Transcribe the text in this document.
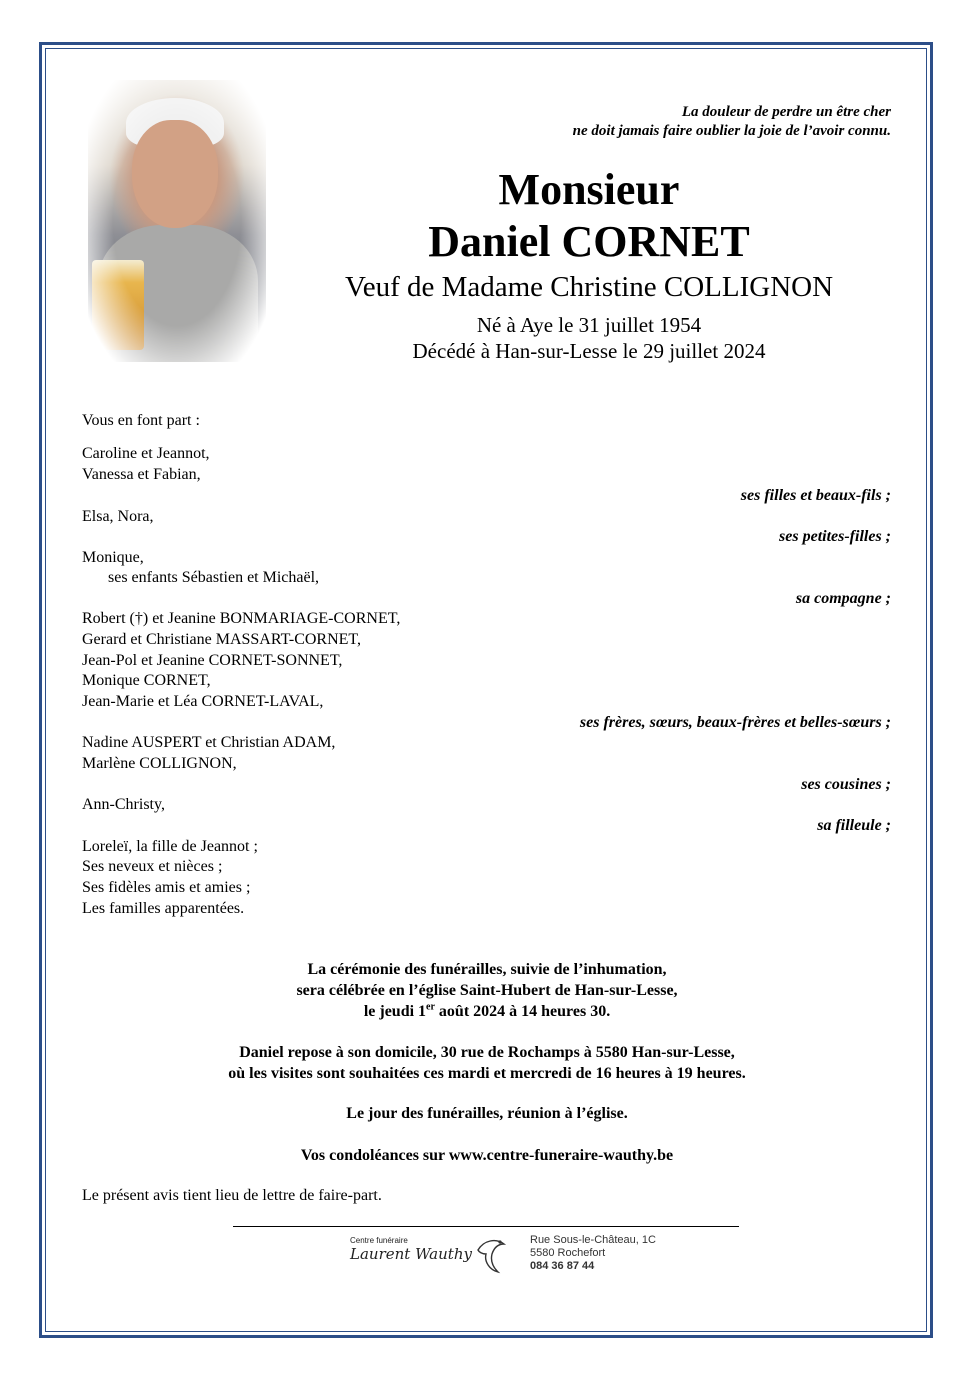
La douleur de perdre un être cher
ne doit jamais faire oublier la joie de l’avoir connu.
Monsieur
Daniel CORNET
Veuf de Madame Christine COLLIGNON
Né à Aye le 31 juillet 1954
Décédé à Han-sur-Lesse le 29 juillet 2024
Vous en font part :
Caroline et Jeannot,
Vanessa et Fabian,
ses filles et beaux-fils ;
Elsa, Nora,
ses petites-filles ;
Monique,
ses enfants Sébastien et Michaël,
sa compagne ;
Robert (†) et Jeanine BONMARIAGE-CORNET,
Gerard et Christiane MASSART-CORNET,
Jean-Pol et Jeanine CORNET-SONNET,
Monique CORNET,
Jean-Marie et Léa CORNET-LAVAL,
ses frères, sœurs, beaux-frères et belles-sœurs ;
Nadine AUSPERT et Christian ADAM,
Marlène COLLIGNON,
ses cousines ;
Ann-Christy,
sa filleule ;
Loreleï, la fille de Jeannot ;
Ses neveux et nièces ;
Ses fidèles amis et amies ;
Les familles apparentées.
La cérémonie des funérailles, suivie de l’inhumation,
sera célébrée en l’église Saint-Hubert de Han-sur-Lesse,
le jeudi 1er août 2024 à 14 heures 30.
Daniel repose à son domicile, 30 rue de Rochamps à 5580 Han-sur-Lesse,
où les visites sont souhaitées ces mardi et mercredi de 16 heures à 19 heures.
Le jour des funérailles, réunion à l’église.
Vos condoléances sur www.centre-funeraire-wauthy.be
Le présent avis tient lieu de lettre de faire-part.
Centre funéraire
Laurent Wauthy
Rue Sous-le-Château, 1C
5580 Rochefort
084 36 87 44
